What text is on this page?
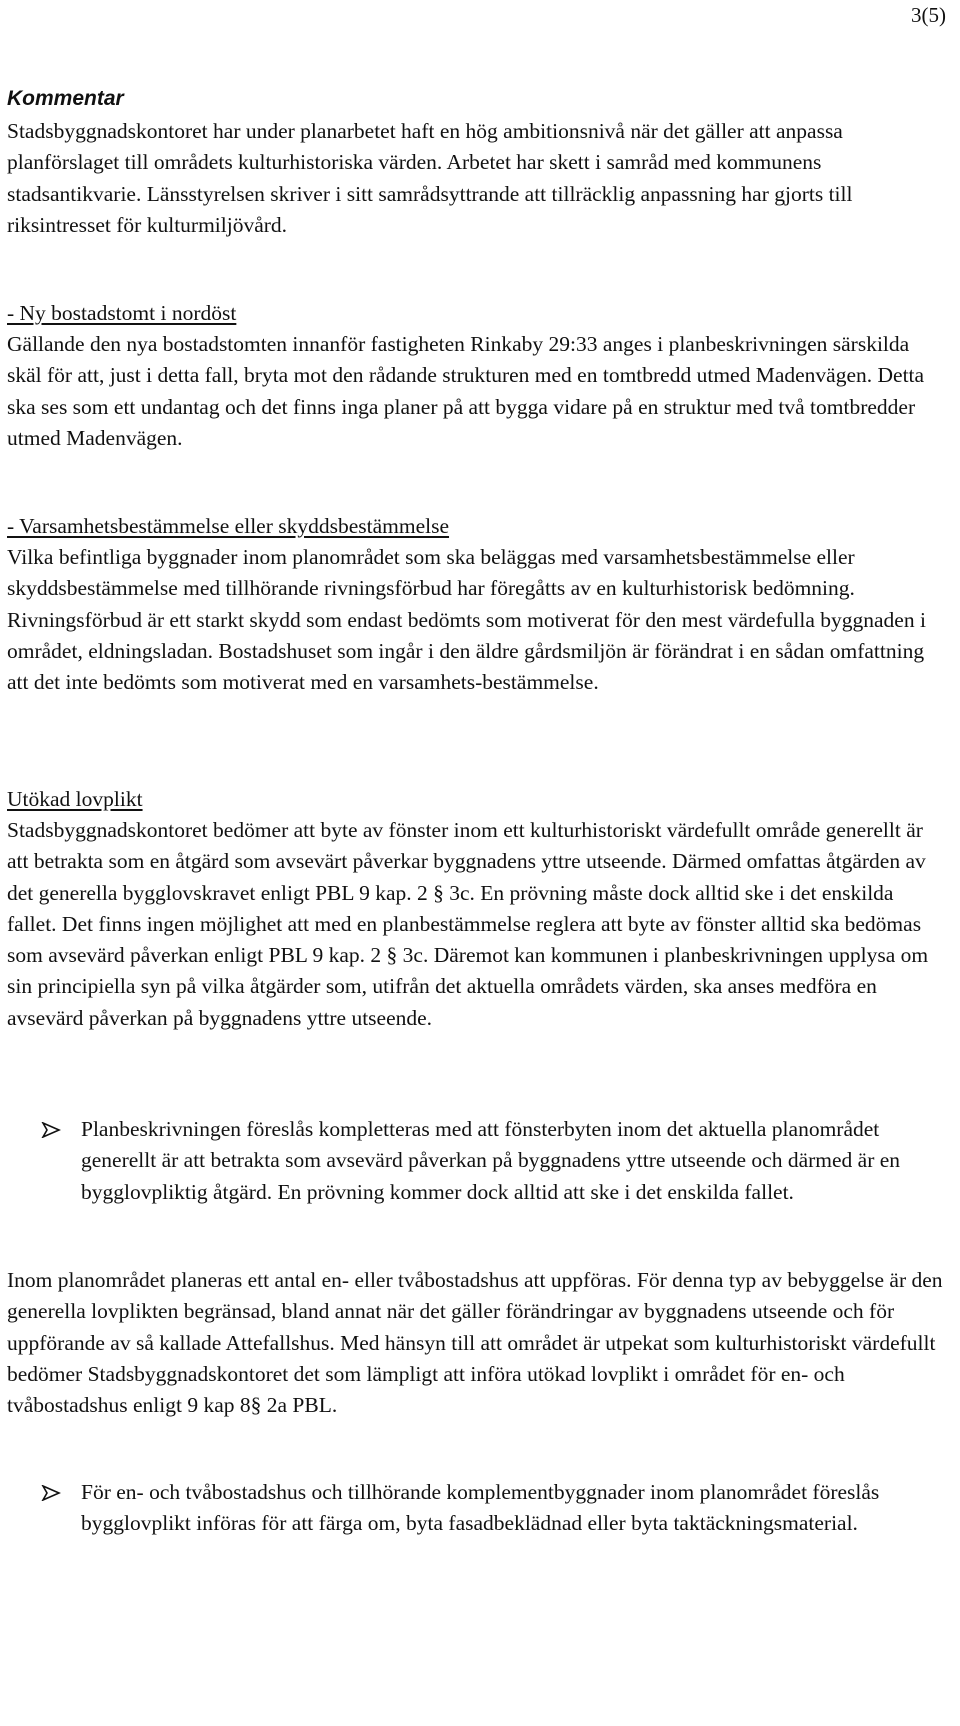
3(5)

Kommentar

Stadsbyggnadskontoret har under planarbetet haft en hög ambitionsnivå när det gäller att anpassa planförslaget till områdets kulturhistoriska värden. Arbetet har skett i samråd med kommunens stadsantikvarie. Länsstyrelsen skriver i sitt samrådsyttrande att tillräcklig anpassning har gjorts till riksintresset för kulturmiljövård.

- Ny bostadstomt i nordöst

Gällande den nya bostadstomten innanför fastigheten Rinkaby 29:33 anges i planbeskrivningen särskilda skäl för att, just i detta fall, bryta mot den rådande strukturen med en tomtbredd utmed Madenvägen. Detta ska ses som ett undantag och det finns inga planer på att bygga vidare på en struktur med två tomtbredder utmed Madenvägen.

- Varsamhetsbestämmelse eller skyddsbestämmelse

Vilka befintliga byggnader inom planområdet som ska beläggas med varsamhetsbestämmelse eller skyddsbestämmelse med tillhörande rivningsförbud har föregåtts av en kulturhistorisk bedömning. Rivningsförbud är ett starkt skydd som endast bedömts som motiverat för den mest värdefulla byggnaden i området, eldningsladan. Bostadshuset som ingår i den äldre gårdsmiljön är förändrat i en sådan omfattning att det inte bedömts som motiverat med en varsamhets-bestämmelse.

Utökad lovplikt

Stadsbyggnadskontoret bedömer att byte av fönster inom ett kulturhistoriskt värdefullt område generellt är att betrakta som en åtgärd som avsevärt påverkar byggnadens yttre utseende. Därmed omfattas åtgärden av det generella bygglovskravet enligt PBL 9 kap. 2 § 3c. En prövning måste dock alltid ske i det enskilda fallet. Det finns ingen möjlighet att med en planbestämmelse reglera att byte av fönster alltid ska bedömas som avsevärd påverkan enligt PBL 9 kap. 2 § 3c. Däremot kan kommunen i planbeskrivningen upplysa om sin principiella syn på vilka åtgärder som, utifrån det aktuella områdets värden, ska anses medföra en avsevärd påverkan på byggnadens yttre utseende.

Planbeskrivningen föreslås kompletteras med att fönsterbyten inom det aktuella planområdet generellt är att betrakta som avsevärd påverkan på byggnadens yttre utseende och därmed är en bygglovpliktig åtgärd. En prövning kommer dock alltid att ske i det enskilda fallet.

Inom planområdet planeras ett antal en- eller tvåbostadshus att uppföras. För denna typ av bebyggelse är den generella lovplikten begränsad, bland annat när det gäller förändringar av byggnadens utseende och för uppförande av så kallade Attefallshus. Med hänsyn till att området är utpekat som kulturhistoriskt värdefullt bedömer Stadsbyggnadskontoret det som lämpligt att införa utökad lovplikt i området för en- och tvåbostadshus enligt 9 kap 8§ 2a PBL.

För en- och tvåbostadshus och tillhörande komplementbyggnader inom planområdet föreslås bygglovplikt införas för att färga om, byta fasadbeklädnad eller byta taktäckningsmaterial.
